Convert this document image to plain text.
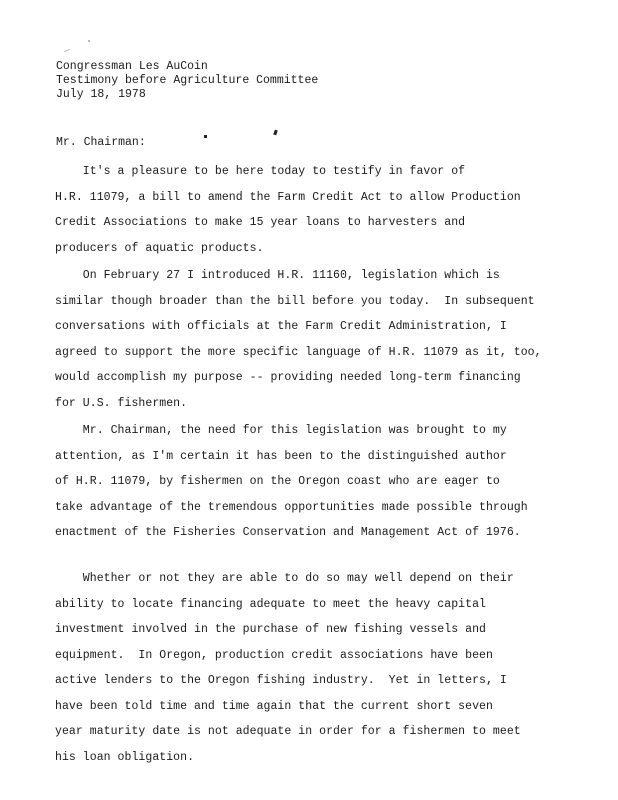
Congressman Les AuCoin
Testimony before Agriculture Committee
July 18, 1978
Mr. Chairman:
It's a pleasure to be here today to testify in favor of
H.R. 11079, a bill to amend the Farm Credit Act to allow Production
Credit Associations to make 15 year loans to harvesters and
producers of aquatic products.
On February 27 I introduced H.R. 11160, legislation which is
similar though broader than the bill before you today.  In subsequent
conversations with officials at the Farm Credit Administration, I
agreed to support the more specific language of H.R. 11079 as it, too,
would accomplish my purpose -- providing needed long-term financing
for U.S. fishermen.
Mr. Chairman, the need for this legislation was brought to my
attention, as I'm certain it has been to the distinguished author
of H.R. 11079, by fishermen on the Oregon coast who are eager to
take advantage of the tremendous opportunities made possible through
enactment of the Fisheries Conservation and Management Act of 1976.
Whether or not they are able to do so may well depend on their
ability to locate financing adequate to meet the heavy capital
investment involved in the purchase of new fishing vessels and
equipment.  In Oregon, production credit associations have been
active lenders to the Oregon fishing industry.  Yet in letters, I
have been told time and time again that the current short seven
year maturity date is not adequate in order for a fishermen to meet
his loan obligation.
